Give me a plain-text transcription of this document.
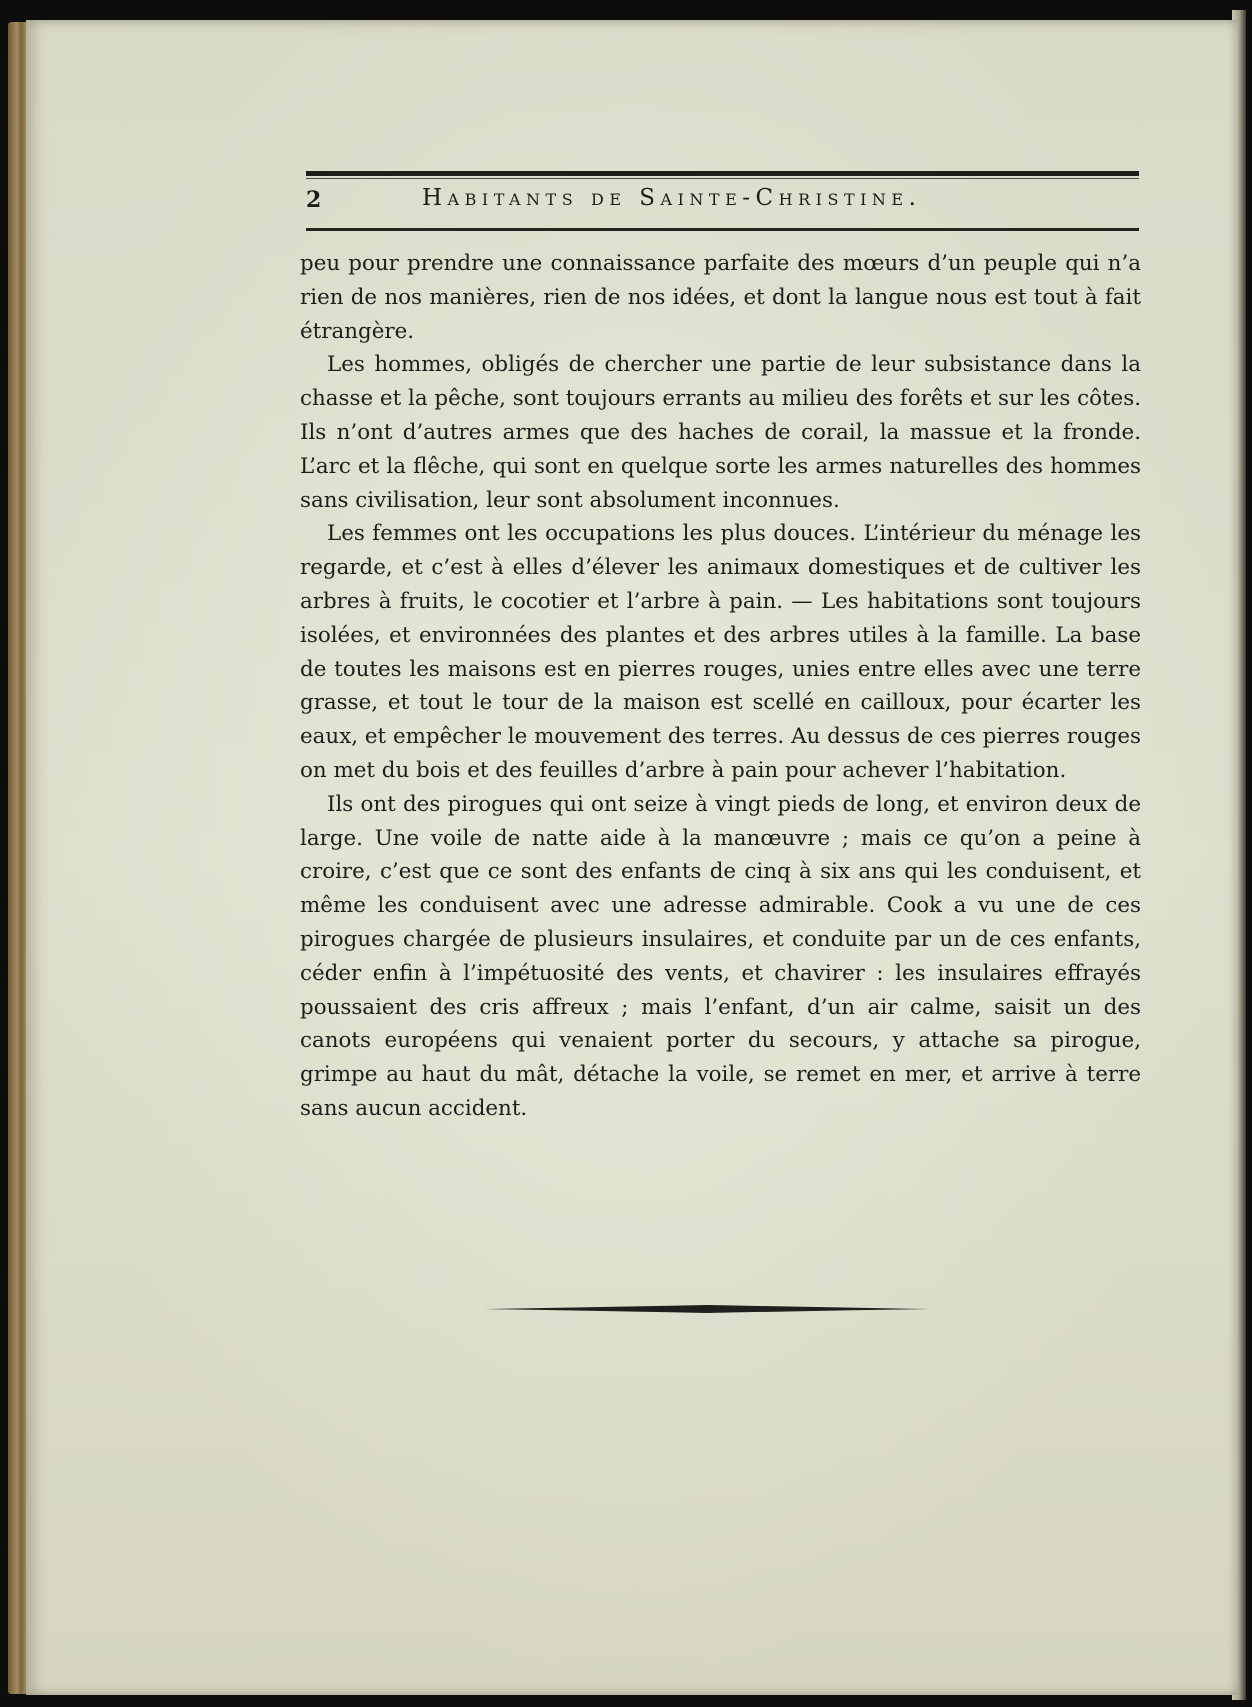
2	Habitants de Sainte-Christine.

peu pour prendre une connaissance parfaite des mœurs d’un peuple qui n’a rien de nos manières, rien de nos idées, et dont la langue nous est tout à fait étrangère.

Les hommes, obligés de chercher une partie de leur subsistance dans la chasse et la pêche, sont toujours errants au milieu des forêts et sur les côtes. Ils n’ont d’autres armes que des haches de corail, la massue et la fronde. L’arc et la flêche, qui sont en quelque sorte les armes naturelles des hommes sans civilisation, leur sont absolument inconnues.

Les femmes ont les occupations les plus douces. L’intérieur du ménage les regarde, et c’est à elles d’élever les animaux domestiques et de cultiver les arbres à fruits, le cocotier et l’arbre à pain. — Les habitations sont toujours isolées, et environnées des plantes et des arbres utiles à la famille. La base de toutes les maisons est en pierres rouges, unies entre elles avec une terre grasse, et tout le tour de la maison est scellé en cailloux, pour écarter les eaux, et empêcher le mouvement des terres. Au dessus de ces pierres rouges on met du bois et des feuilles d’arbre à pain pour achever l’habitation.

Ils ont des pirogues qui ont seize à vingt pieds de long, et environ deux de large. Une voile de natte aide à la manœuvre ; mais ce qu’on a peine à croire, c’est que ce sont des enfants de cinq à six ans qui les conduisent, et même les conduisent avec une adresse admirable. Cook a vu une de ces pirogues chargée de plusieurs insulaires, et conduite par un de ces enfants, céder enfin à l’impétuosité des vents, et chavirer : les insulaires effrayés poussaient des cris affreux ; mais l’enfant, d’un air calme, saisit un des canots européens qui venaient porter du secours, y attache sa pirogue, grimpe au haut du mât, détache la voile, se remet en mer, et arrive à terre sans aucun accident.
